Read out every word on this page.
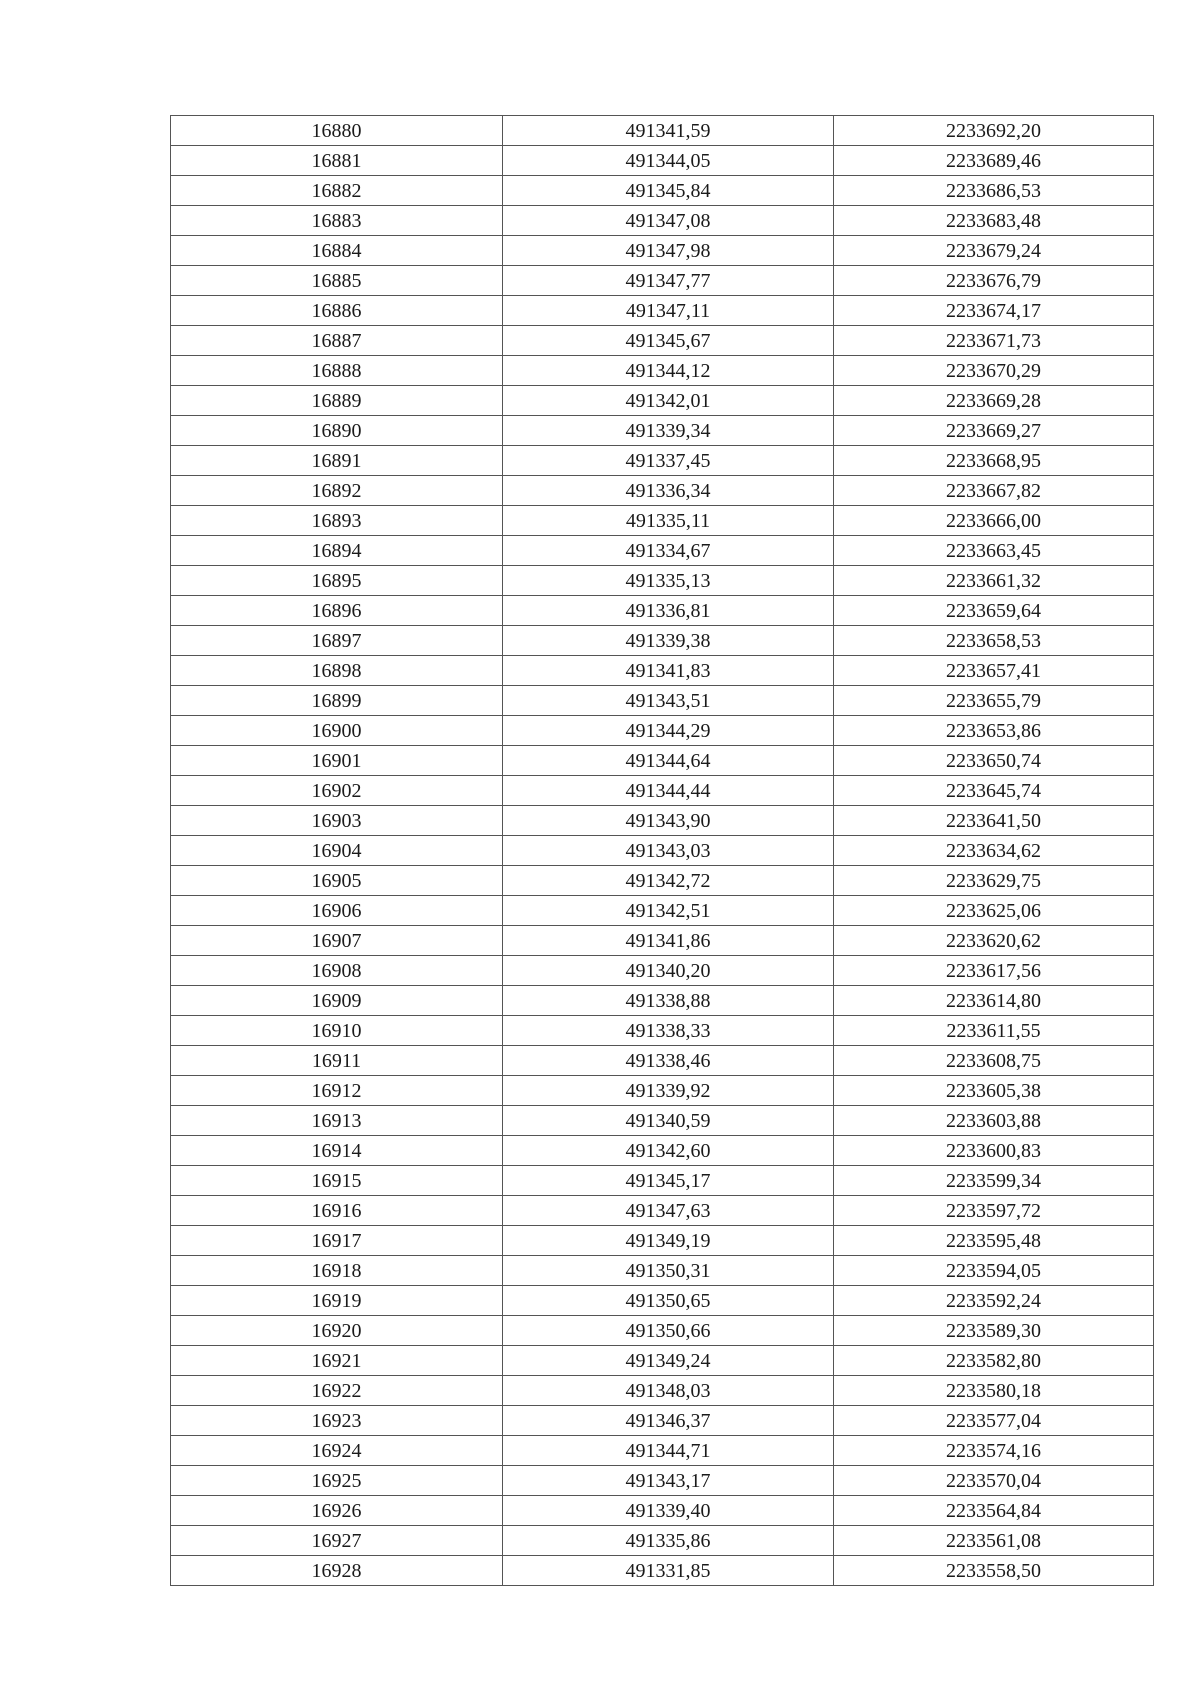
16880	491341,59	2233692,20
16881	491344,05	2233689,46
16882	491345,84	2233686,53
16883	491347,08	2233683,48
16884	491347,98	2233679,24
16885	491347,77	2233676,79
16886	491347,11	2233674,17
16887	491345,67	2233671,73
16888	491344,12	2233670,29
16889	491342,01	2233669,28
16890	491339,34	2233669,27
16891	491337,45	2233668,95
16892	491336,34	2233667,82
16893	491335,11	2233666,00
16894	491334,67	2233663,45
16895	491335,13	2233661,32
16896	491336,81	2233659,64
16897	491339,38	2233658,53
16898	491341,83	2233657,41
16899	491343,51	2233655,79
16900	491344,29	2233653,86
16901	491344,64	2233650,74
16902	491344,44	2233645,74
16903	491343,90	2233641,50
16904	491343,03	2233634,62
16905	491342,72	2233629,75
16906	491342,51	2233625,06
16907	491341,86	2233620,62
16908	491340,20	2233617,56
16909	491338,88	2233614,80
16910	491338,33	2233611,55
16911	491338,46	2233608,75
16912	491339,92	2233605,38
16913	491340,59	2233603,88
16914	491342,60	2233600,83
16915	491345,17	2233599,34
16916	491347,63	2233597,72
16917	491349,19	2233595,48
16918	491350,31	2233594,05
16919	491350,65	2233592,24
16920	491350,66	2233589,30
16921	491349,24	2233582,80
16922	491348,03	2233580,18
16923	491346,37	2233577,04
16924	491344,71	2233574,16
16925	491343,17	2233570,04
16926	491339,40	2233564,84
16927	491335,86	2233561,08
16928	491331,85	2233558,50
